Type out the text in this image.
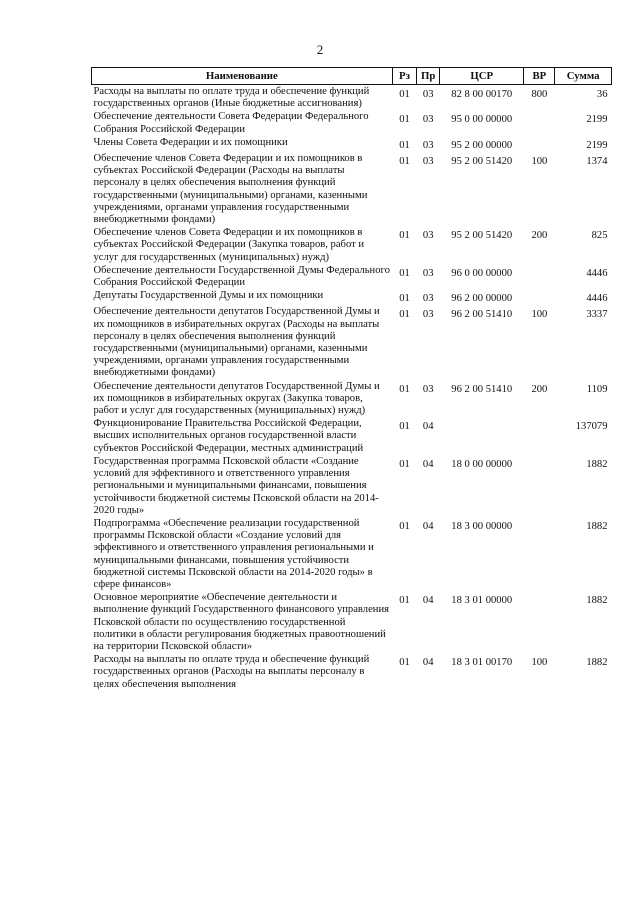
2
Наименование	Рз	Пр	ЦСР	ВР	Сумма
Расходы на выплаты по оплате труда и обеспечение функций государственных органов (Иные бюджетные ассигнования)	01	03	82 8 00 00170	800	36
Обеспечение деятельности Совета Федерации Федерального Собрания Российской Федерации	01	03	95 0 00 00000		2199
Члены Совета Федерации и их помощники	01	03	95 2 00 00000		2199
Обеспечение членов Совета Федерации и их помощников в субъектах Российской Федерации (Расходы на выплаты персоналу в целях обеспечения выполнения функций государственными (муниципальными) органами, казенными учреждениями, органами управления государственными внебюджетными фондами)	01	03	95 2 00 51420	100	1374
Обеспечение членов Совета Федерации и их помощников в субъектах Российской Федерации (Закупка товаров, работ и услуг для государственных (муниципальных) нужд)	01	03	95 2 00 51420	200	825
Обеспечение деятельности Государственной Думы Федерального Собрания Российской Федерации	01	03	96 0 00 00000		4446
Депутаты Государственной Думы и их помощники	01	03	96 2 00 00000		4446
Обеспечение деятельности депутатов Государственной Думы и их помощников в избирательных округах (Расходы на выплаты персоналу в целях обеспечения выполнения функций государственными (муниципальными) органами, казенными учреждениями, органами управления государственными внебюджетными фондами)	01	03	96 2 00 51410	100	3337
Обеспечение деятельности депутатов Государственной Думы и их помощников в избирательных округах (Закупка товаров, работ и услуг для государственных (муниципальных) нужд)	01	03	96 2 00 51410	200	1109
Функционирование Правительства Российской Федерации, высших исполнительных органов государственной власти субъектов Российской Федерации, местных администраций	01	04			137079
Государственная программа Псковской области «Создание условий для эффективного и ответственного управления региональными и муниципальными финансами, повышения устойчивости бюджетной системы Псковской области на 2014-2020 годы»	01	04	18 0 00 00000		1882
Подпрограмма «Обеспечение реализации государственной программы Псковской области «Создание условий для эффективного и ответственного управления региональными и муниципальными финансами, повышения устойчивости бюджетной системы Псковской области на 2014-2020 годы» в сфере финансов»	01	04	18 3 00 00000		1882
Основное мероприятие «Обеспечение деятельности и выполнение функций Государственного финансового управления Псковской области по осуществлению государственной политики в области регулирования бюджетных правоотношений на территории Псковской области»	01	04	18 3 01 00000		1882
Расходы на выплаты по оплате труда и обеспечение функций государственных органов (Расходы на выплаты персоналу в целях обеспечения выполнения	01	04	18 3 01 00170	100	1882
